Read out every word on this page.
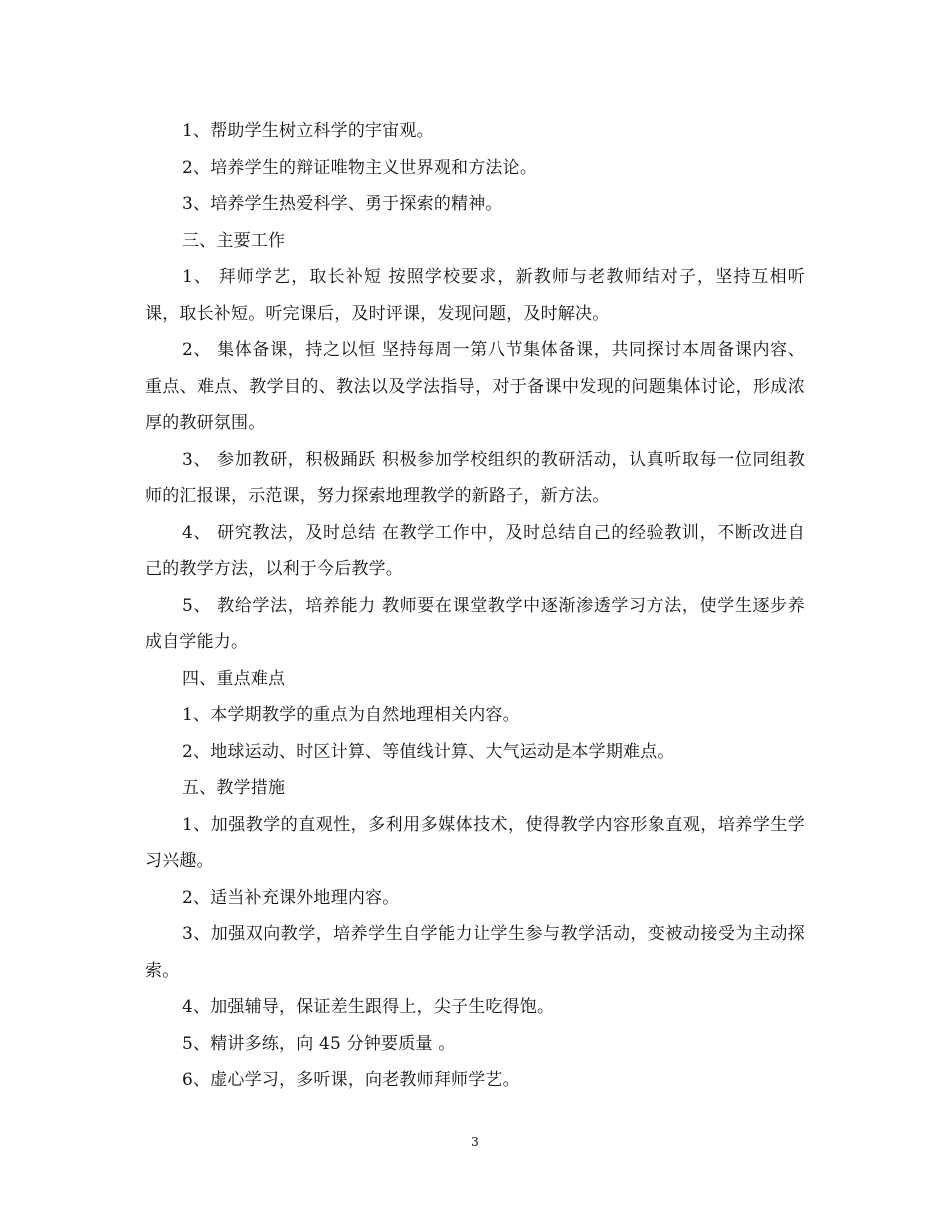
1、帮助学生树立科学的宇宙观。

2、培养学生的辩证唯物主义世界观和方法论。

3、培养学生热爱科学、勇于探索的精神。

三、主要工作

1、 拜师学艺，取长补短 按照学校要求，新教师与老教师结对子，坚持互相听课，取长补短。听完课后，及时评课，发现问题，及时解决。

2、 集体备课，持之以恒 坚持每周一第八节集体备课，共同探讨本周备课内容、重点、难点、教学目的、教法以及学法指导，对于备课中发现的问题集体讨论，形成浓厚的教研氛围。

3、 参加教研，积极踊跃 积极参加学校组织的教研活动，认真听取每一位同组教师的汇报课，示范课，努力探索地理教学的新路子，新方法。

4、 研究教法，及时总结 在教学工作中，及时总结自己的经验教训，不断改进自己的教学方法，以利于今后教学。

5、 教给学法，培养能力 教师要在课堂教学中逐渐渗透学习方法，使学生逐步养成自学能力。

四、重点难点

1、本学期教学的重点为自然地理相关内容。

2、地球运动、时区计算、等值线计算、大气运动是本学期难点。

五、教学措施

1、加强教学的直观性，多利用多媒体技术，使得教学内容形象直观，培养学生学习兴趣。

2、适当补充课外地理内容。

3、加强双向教学，培养学生自学能力让学生参与教学活动，变被动接受为主动探索。

4、加强辅导，保证差生跟得上，尖子生吃得饱。

5、精讲多练，向 45 分钟要质量 。

6、虚心学习，多听课，向老教师拜师学艺。

3
